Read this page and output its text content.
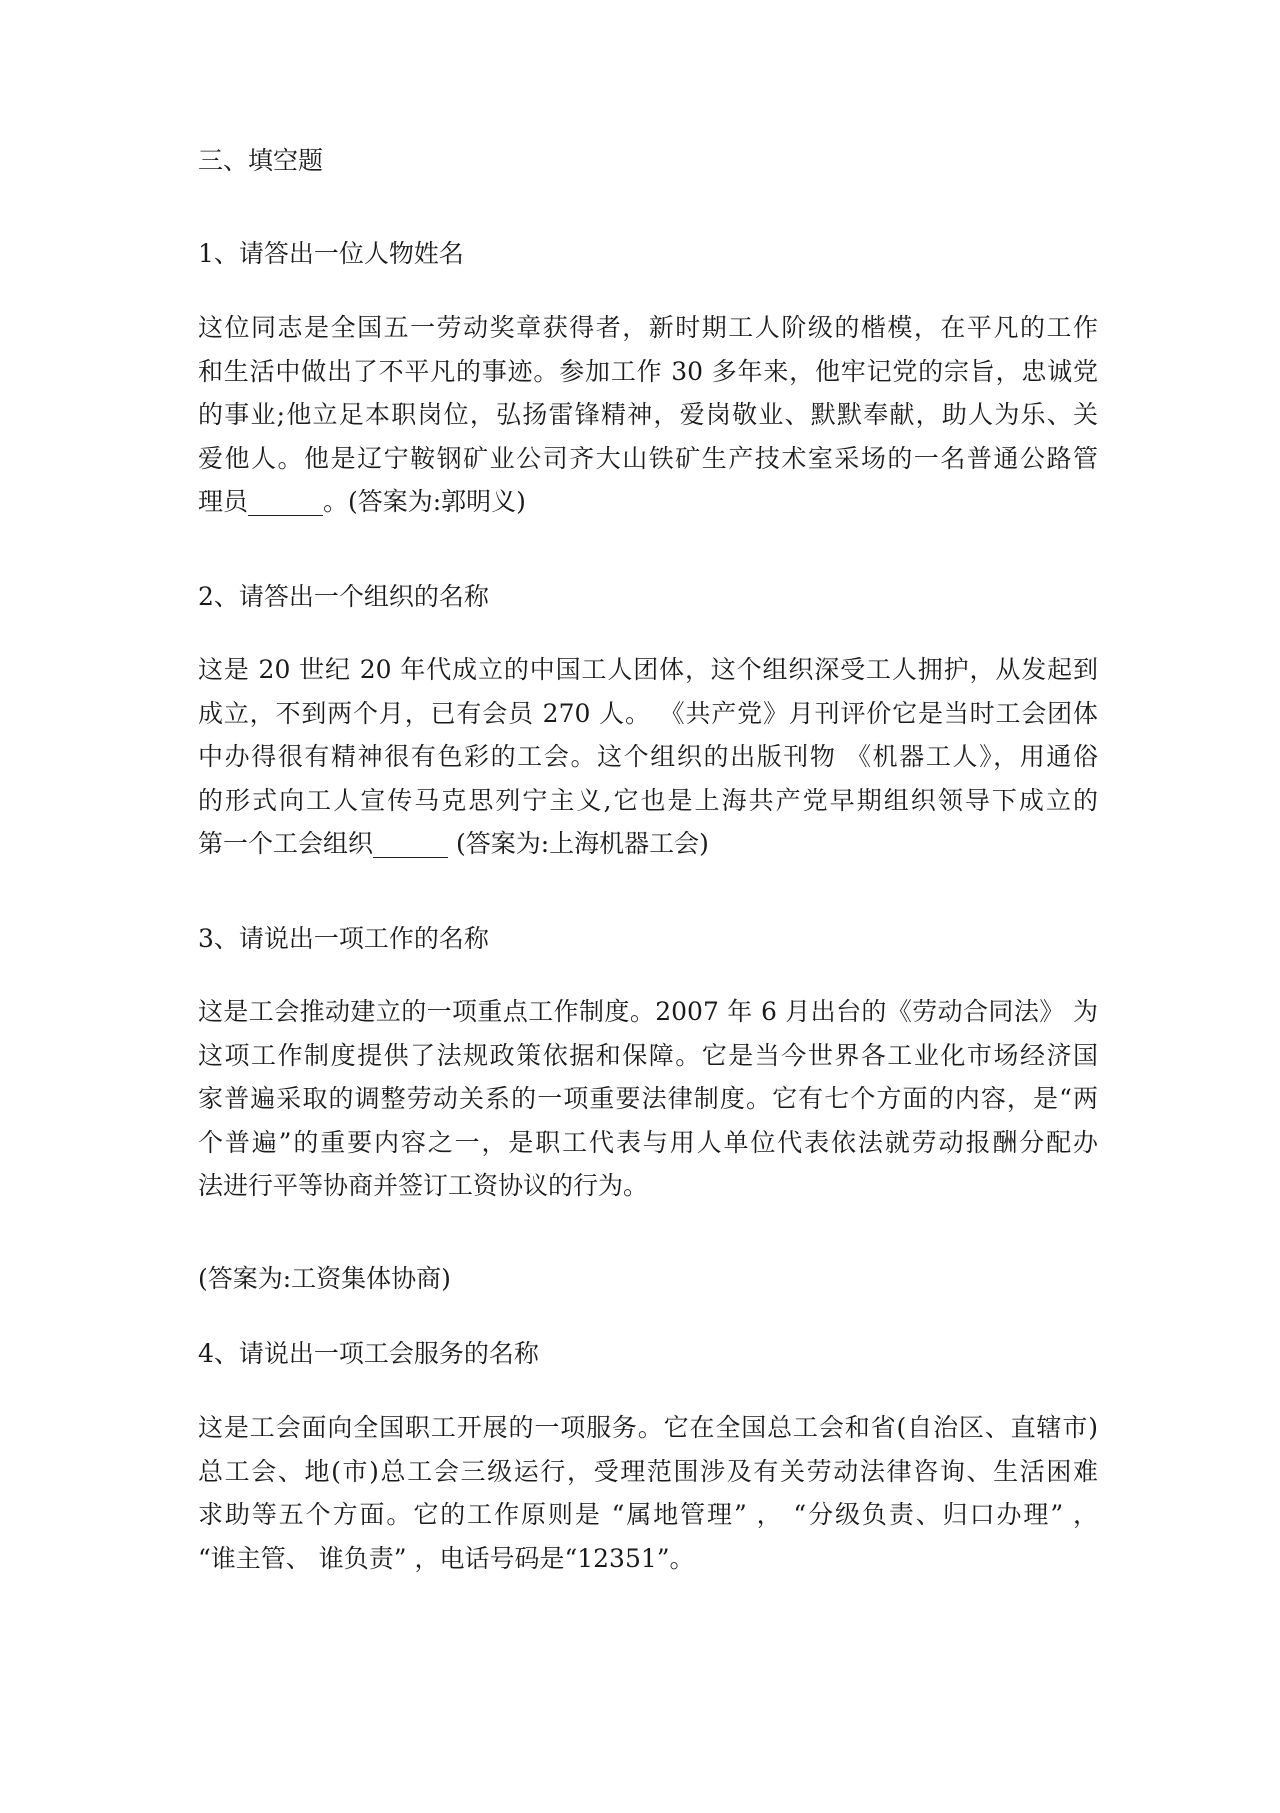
三、填空题

1、请答出一位人物姓名

这位同志是全国五一劳动奖章获得者，新时期工人阶级的楷模，在平凡的工作
和生活中做出了不平凡的事迹。参加工作 30 多年来，他牢记党的宗旨，忠诚党
的事业;他立足本职岗位，弘扬雷锋精神，爱岗敬业、默默奉献，助人为乐、关
爱他人。他是辽宁鞍钢矿业公司齐大山铁矿生产技术室采场的一名普通公路管
理员______。(答案为:郭明义)

2、请答出一个组织的名称

这是 20 世纪 20 年代成立的中国工人团体，这个组织深受工人拥护，从发起到
成立，不到两个月，已有会员 270 人。 《共产党》月刊评价它是当时工会团体
中办得很有精神很有色彩的工会。这个组织的出版刊物 《机器工人》，用通俗
的形式向工人宣传马克思列宁主义,它也是上海共产党早期组织领导下成立的
第一个工会组织______ (答案为:上海机器工会)

3、请说出一项工作的名称

这是工会推动建立的一项重点工作制度。2007 年 6 月出台的《劳动合同法》 为
这项工作制度提供了法规政策依据和保障。它是当今世界各工业化市场经济国
家普遍采取的调整劳动关系的一项重要法律制度。它有七个方面的内容，是“两
个普遍”的重要内容之一，是职工代表与用人单位代表依法就劳动报酬分配办
法进行平等协商并签订工资协议的行为。

(答案为:工资集体协商)

4、请说出一项工会服务的名称

这是工会面向全国职工开展的一项服务。它在全国总工会和省(自治区、直辖市)
总工会、地(市)总工会三级运行，受理范围涉及有关劳动法律咨询、生活困难
求助等五个方面。它的工作原则是 “属地管理” ， “分级负责、归口办理” ，
“谁主管、 谁负责” ，电话号码是“12351”。
